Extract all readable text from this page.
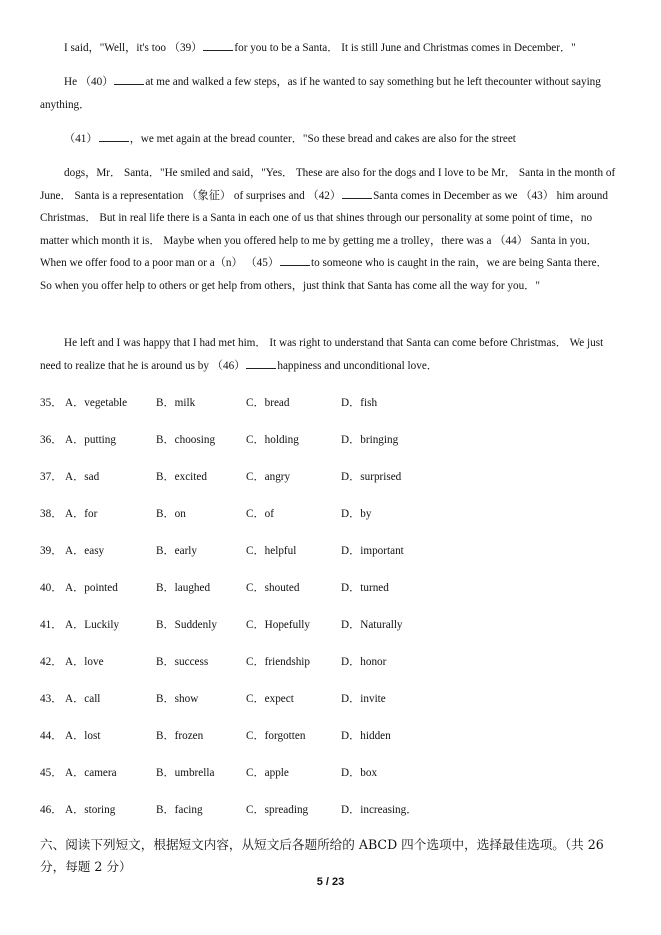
I said，"Well，it's too （39）	for you to be a Santa． It is still June and Christmas comes in December．"

He （40）	at me and walked a few steps，as if he wanted to say something but he left thecounter without saying anything．

（41）	，we met again at the bread counter．"So these bread and cakes are also for the street

dogs，Mr． Santa．"He smiled and said，"Yes． These are also for the dogs and I love to be Mr． Santa in the month of June． Santa is a representation （象征） of surprises and （42）	Santa comes in December as we （43） him around Christmas． But in real life there is a Santa in each one of us that shines through our personality at some point of time，no matter which month it is． Maybe when you offered help to me by getting me a trolley，there was a （44） Santa in you． When we offer food to a poor man or a（n） （45）	to someone who is caught in the rain，we are being Santa there． So when you offer help to others or get help from others，just think that Santa has come all the way for you．"

He left and I was happy that I had met him． It was right to understand that Santa can come before Christmas． We just need to realize that he is around us by （46）	happiness and unconditional love．

35． A．vegetable	B．milk	C．bread	D．fish
36． A．putting	B．choosing	C．holding	D．bringing
37． A．sad	B．excited	C．angry	D．surprised
38． A．for	B．on	C．of	D．by
39． A．easy	B．early	C．helpful	D．important
40． A．pointed	B．laughed	C．shouted	D．turned
41． A．Luckily	B．Suddenly	C．Hopefully	D．Naturally
42． A．love	B．success	C．friendship	D．honor
43． A．call	B．show	C．expect	D．invite
44． A．lost	B．frozen	C．forgotten	D．hidden
45． A．camera	B．umbrella	C．apple	D．box
46． A．storing	B．facing	C．spreading	D．increasing．

六、阅读下列短文，根据短文内容，从短文后各题所给的 ABCD 四个选项中，选择最佳选项。（共 26 分，每题 2 分）

5 / 23
